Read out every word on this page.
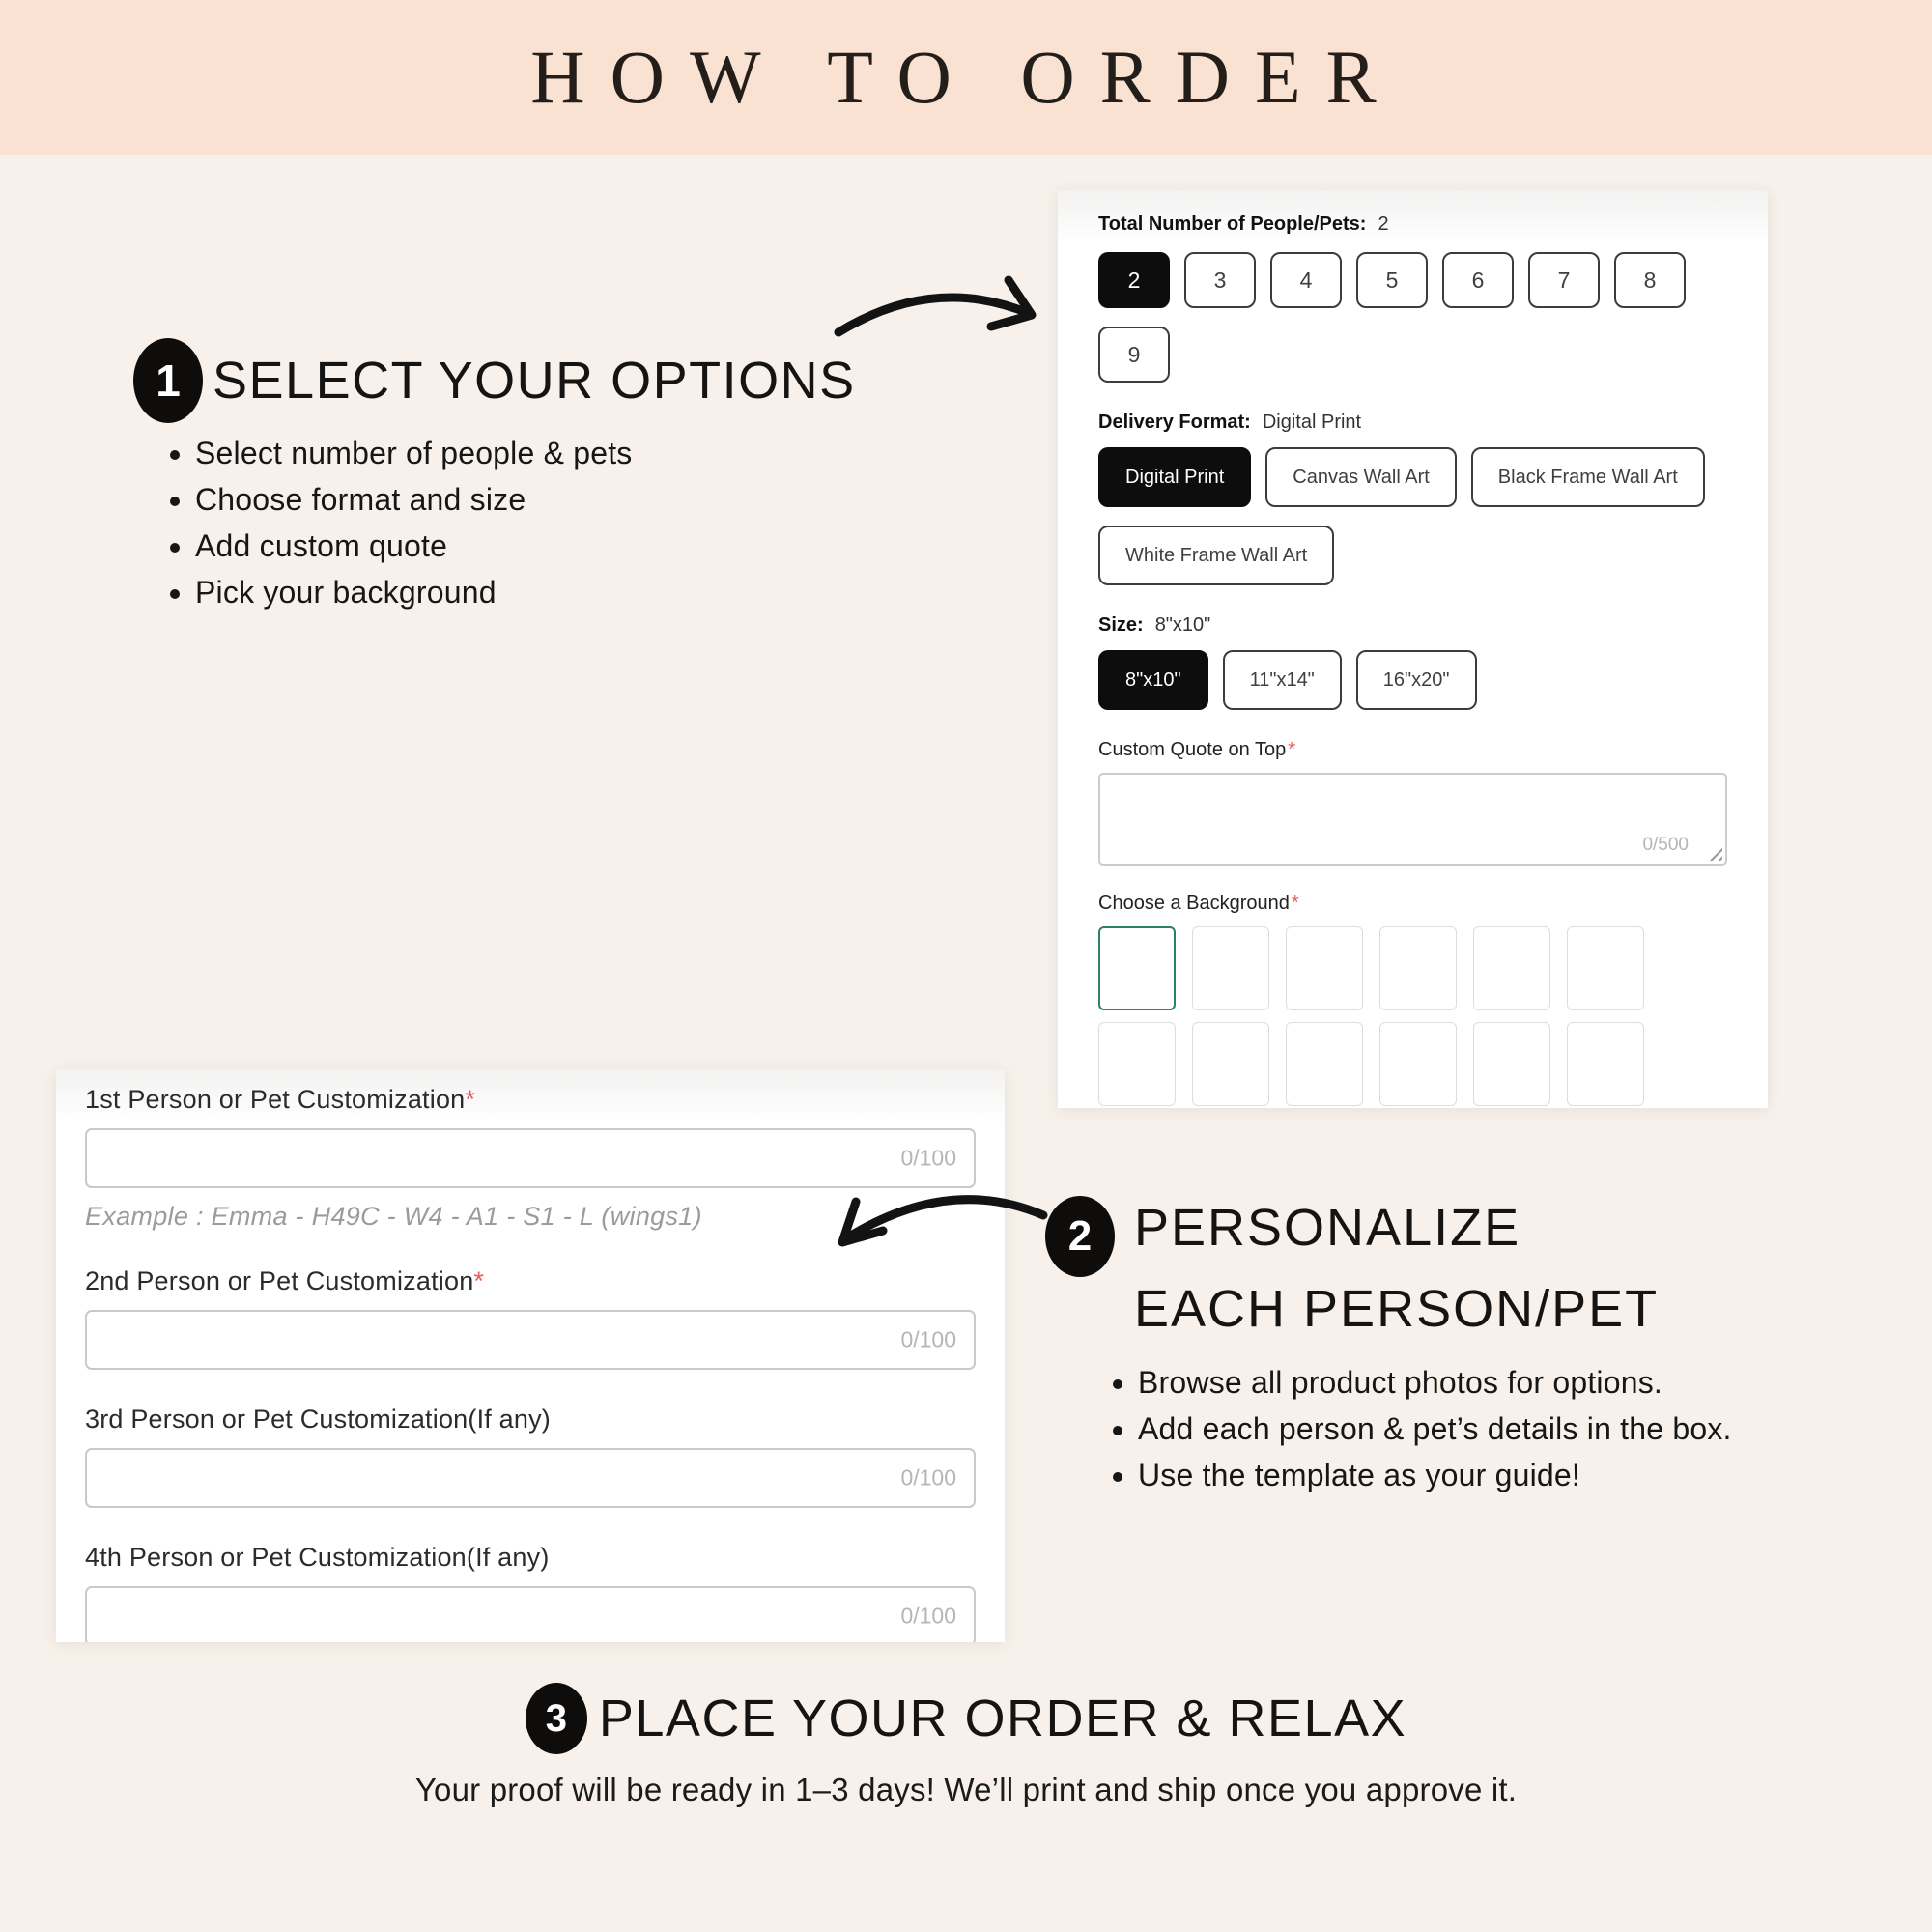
HOW TO ORDER
1 SELECT YOUR OPTIONS
• Select number of people & pets
• Choose format and size
• Add custom quote
• Pick your background
Total Number of People/Pets: 2
2	3	4	5	6	7	8
9
Delivery Format: Digital Print
Digital Print	Canvas Wall Art	Black Frame Wall Art
White Frame Wall Art
Size: 8"x10"
8"x10"	11"x14"	16"x20"
Custom Quote on Top *
0/500
Choose a Background *
1st Person or Pet Customization*
0/100
Example : Emma - H49C - W4 - A1 - S1 - L (wings1)
2nd Person or Pet Customization*
0/100
3rd Person or Pet Customization(If any)
0/100
4th Person or Pet Customization(If any)
0/100
2 PERSONALIZE
EACH PERSON/PET
• Browse all product photos for options.
• Add each person & pet’s details in the box.
• Use the template as your guide!
3 PLACE YOUR ORDER & RELAX
Your proof will be ready in 1–3 days! We’ll print and ship once you approve it.
